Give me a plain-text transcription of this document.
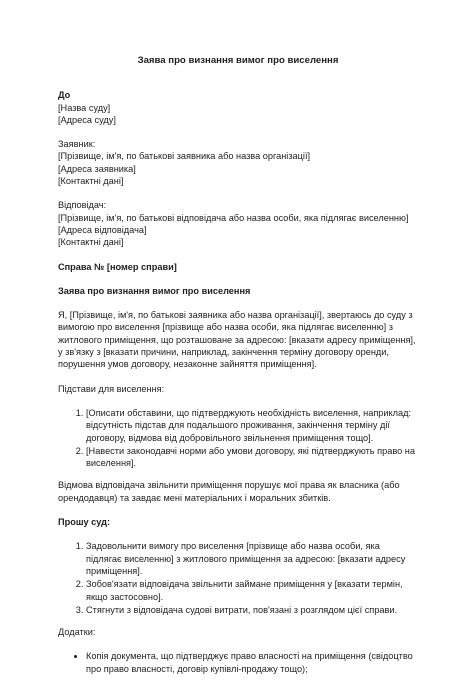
Заява про визнання вимог про виселення
До
[Назва суду]
[Адреса суду]
Заявник:
[Прізвище, ім'я, по батькові заявника або назва організації]
[Адреса заявника]
[Контактні дані]
Відповідач:
[Прізвище, ім'я, по батькові відповідача або назва особи, яка підлягає виселенню]
[Адреса відповідача]
[Контактні дані]

Справа № [номер справи]

Заява про визнання вимог про виселення

Я, [Прізвище, ім'я, по батькові заявника або назва організації], звертаюсь до суду з вимогою про виселення [прізвище або назва особи, яка підлягає виселенню] з житлового приміщення, що розташоване за адресою: [вказати адресу приміщення], у зв'язку з [вказати причини, наприклад, закінчення терміну договору оренди, порушення умов договору, незаконне зайняття приміщення].

Підстави для виселення:

1. [Описати обставини, що підтверджують необхідність виселення, наприклад: відсутність підстав для подальшого проживання, закінчення терміну дії договору, відмова від добровільного звільнення приміщення тощо].
2. [Навести законодавчі норми або умови договору, які підтверджують право на виселення].

Відмова відповідача звільнити приміщення порушує мої права як власника (або орендодавця) та завдає мені матеріальних і моральних збитків.

Прошу суд:

1. Задовольнити вимогу про виселення [прізвище або назва особи, яка підлягає виселенню] з житлового приміщення за адресою: [вказати адресу приміщення].
2. Зобов'язати відповідача звільнити займане приміщення у [вказати термін, якщо застосовно].
3. Стягнути з відповідача судові витрати, пов'язані з розглядом цієї справи.

Додатки:

• Копія документа, що підтверджує право власності на приміщення (свідоцтво про право власності, договір купівлі-продажу тощо);
